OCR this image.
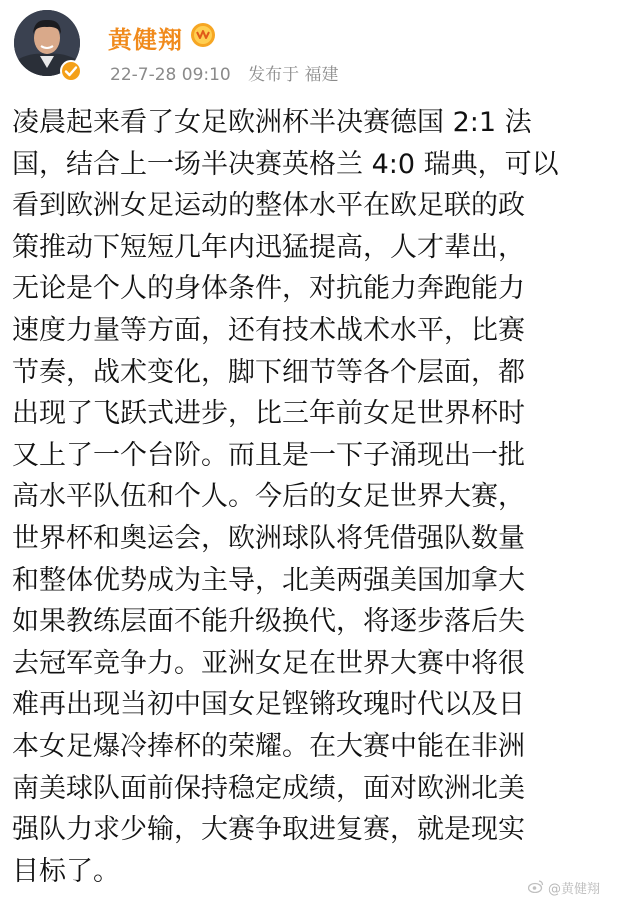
黄健翔
22-7-28 09:10 发布于 福建
凌晨起来看了女足欧洲杯半决赛德国 2:1 法
国，结合上一场半决赛英格兰 4:0 瑞典，可以
看到欧洲女足运动的整体水平在欧足联的政
策推动下短短几年内迅猛提高，人才辈出，
无论是个人的身体条件，对抗能力奔跑能力
速度力量等方面，还有技术战术水平，比赛
节奏，战术变化，脚下细节等各个层面，都
出现了飞跃式进步，比三年前女足世界杯时
又上了一个台阶。而且是一下子涌现出一批
高水平队伍和个人。今后的女足世界大赛，
世界杯和奥运会，欧洲球队将凭借强队数量
和整体优势成为主导，北美两强美国加拿大
如果教练层面不能升级换代，将逐步落后失
去冠军竞争力。亚洲女足在世界大赛中将很
难再出现当初中国女足铿锵玫瑰时代以及日
本女足爆冷捧杯的荣耀。在大赛中能在非洲
南美球队面前保持稳定成绩，面对欧洲北美
强队力求少输，大赛争取进复赛，就是现实
目标了。
@黄健翔
